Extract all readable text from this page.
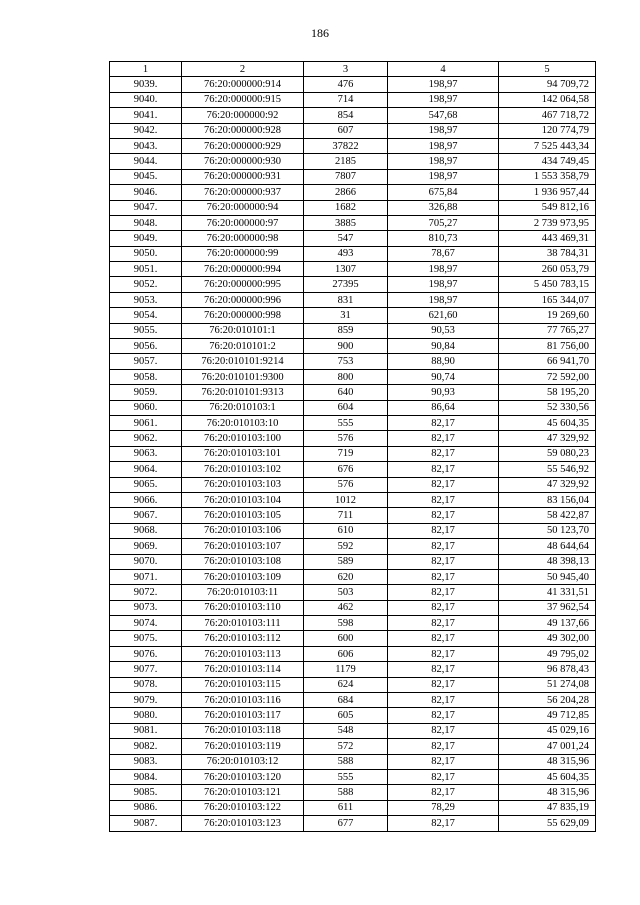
186
1	2	3	4	5
9039.	76:20:000000:914	476	198,97	94 709,72
9040.	76:20:000000:915	714	198,97	142 064,58
9041.	76:20:000000:92	854	547,68	467 718,72
9042.	76:20:000000:928	607	198,97	120 774,79
9043.	76:20:000000:929	37822	198,97	7 525 443,34
9044.	76:20:000000:930	2185	198,97	434 749,45
9045.	76:20:000000:931	7807	198,97	1 553 358,79
9046.	76:20:000000:937	2866	675,84	1 936 957,44
9047.	76:20:000000:94	1682	326,88	549 812,16
9048.	76:20:000000:97	3885	705,27	2 739 973,95
9049.	76:20:000000:98	547	810,73	443 469,31
9050.	76:20:000000:99	493	78,67	38 784,31
9051.	76:20:000000:994	1307	198,97	260 053,79
9052.	76:20:000000:995	27395	198,97	5 450 783,15
9053.	76:20:000000:996	831	198,97	165 344,07
9054.	76:20:000000:998	31	621,60	19 269,60
9055.	76:20:010101:1	859	90,53	77 765,27
9056.	76:20:010101:2	900	90,84	81 756,00
9057.	76:20:010101:9214	753	88,90	66 941,70
9058.	76:20:010101:9300	800	90,74	72 592,00
9059.	76:20:010101:9313	640	90,93	58 195,20
9060.	76:20:010103:1	604	86,64	52 330,56
9061.	76:20:010103:10	555	82,17	45 604,35
9062.	76:20:010103:100	576	82,17	47 329,92
9063.	76:20:010103:101	719	82,17	59 080,23
9064.	76:20:010103:102	676	82,17	55 546,92
9065.	76:20:010103:103	576	82,17	47 329,92
9066.	76:20:010103:104	1012	82,17	83 156,04
9067.	76:20:010103:105	711	82,17	58 422,87
9068.	76:20:010103:106	610	82,17	50 123,70
9069.	76:20:010103:107	592	82,17	48 644,64
9070.	76:20:010103:108	589	82,17	48 398,13
9071.	76:20:010103:109	620	82,17	50 945,40
9072.	76:20:010103:11	503	82,17	41 331,51
9073.	76:20:010103:110	462	82,17	37 962,54
9074.	76:20:010103:111	598	82,17	49 137,66
9075.	76:20:010103:112	600	82,17	49 302,00
9076.	76:20:010103:113	606	82,17	49 795,02
9077.	76:20:010103:114	1179	82,17	96 878,43
9078.	76:20:010103:115	624	82,17	51 274,08
9079.	76:20:010103:116	684	82,17	56 204,28
9080.	76:20:010103:117	605	82,17	49 712,85
9081.	76:20:010103:118	548	82,17	45 029,16
9082.	76:20:010103:119	572	82,17	47 001,24
9083.	76:20:010103:12	588	82,17	48 315,96
9084.	76:20:010103:120	555	82,17	45 604,35
9085.	76:20:010103:121	588	82,17	48 315,96
9086.	76:20:010103:122	611	78,29	47 835,19
9087.	76:20:010103:123	677	82,17	55 629,09
